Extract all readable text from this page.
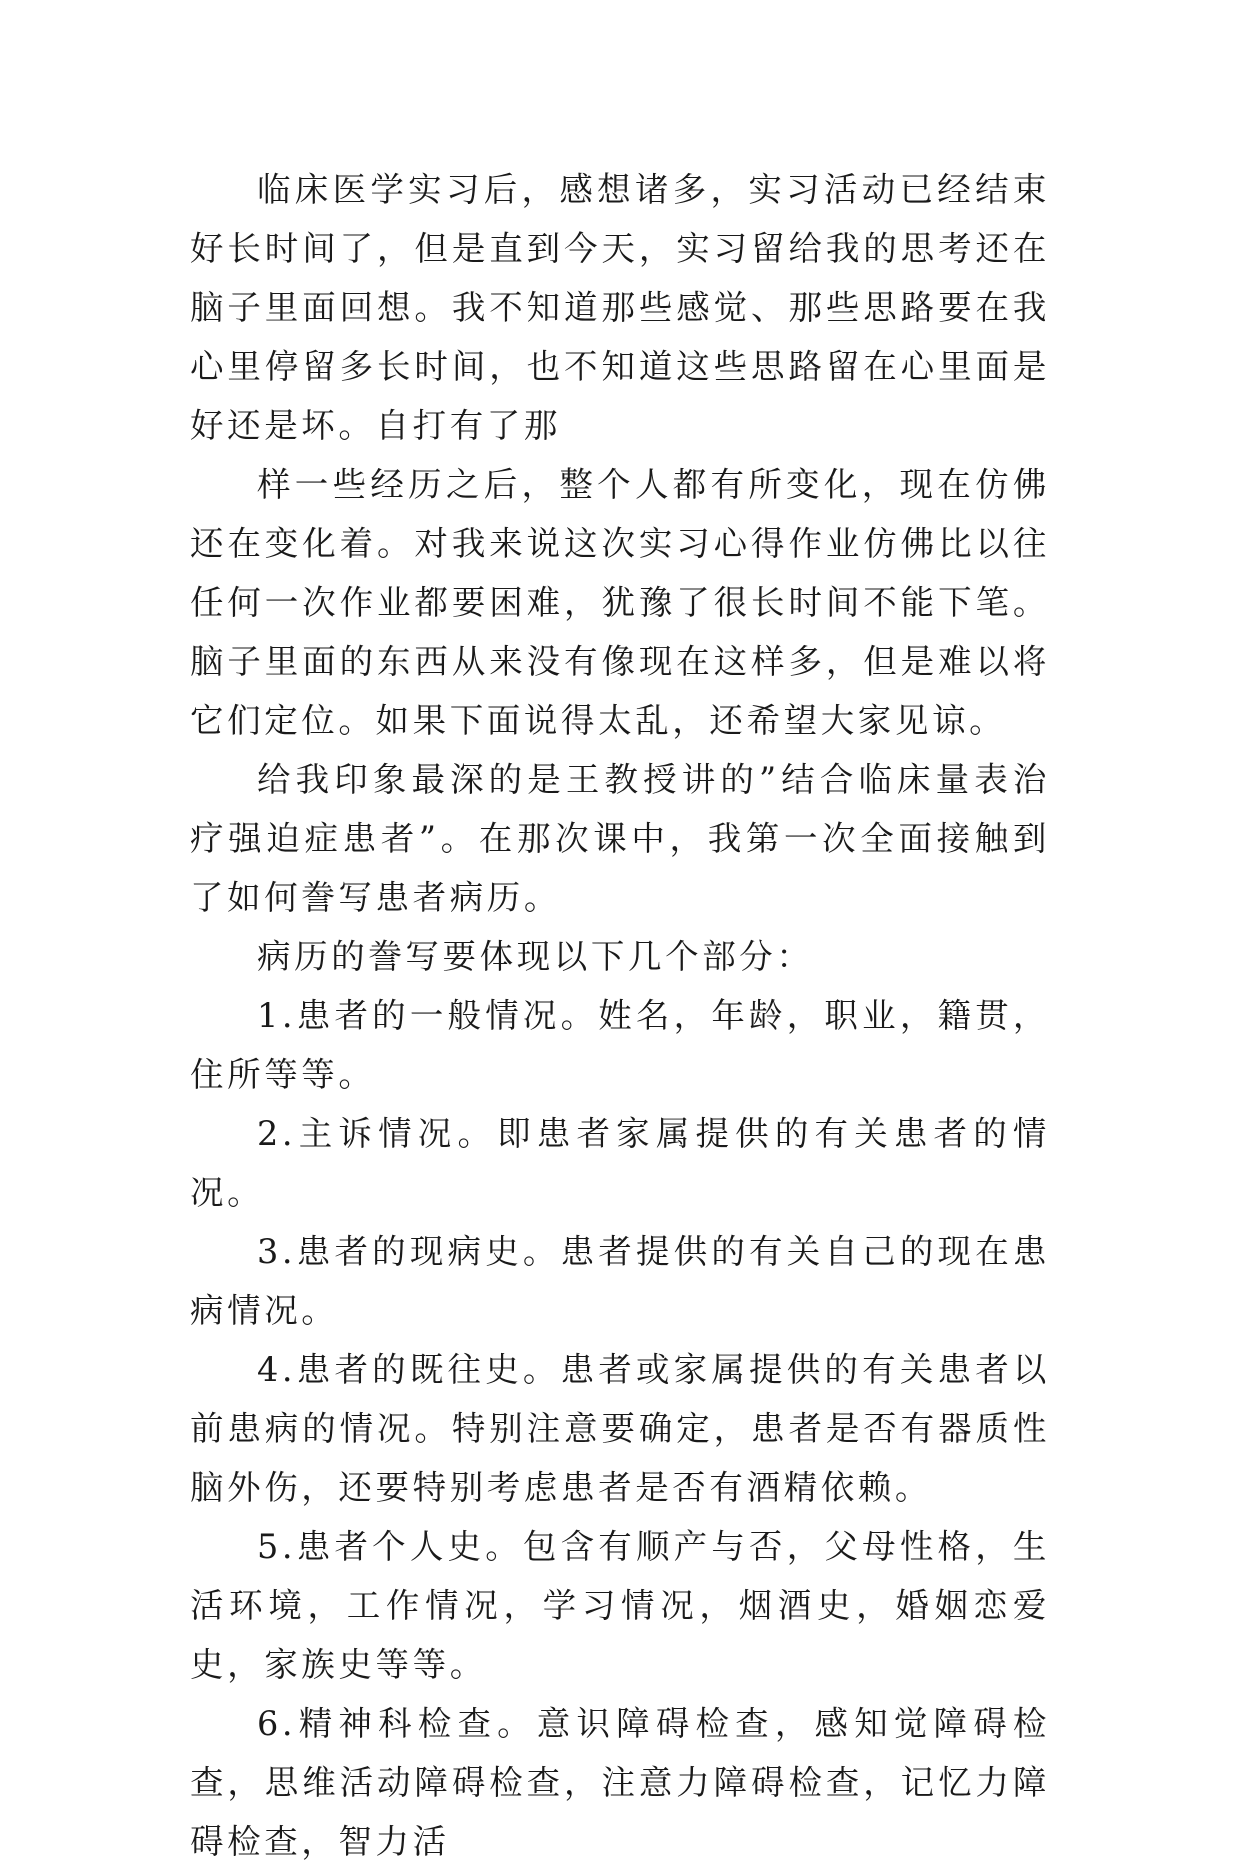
临床医学实习后，感想诸多，实习活动已经结束好长时间了，但是直到今天，实习留给我的思考还在脑子里面回想。我不知道那些感觉、那些思路要在我心里停留多长时间，也不知道这些思路留在心里面是好还是坏。自打有了那

样一些经历之后，整个人都有所变化，现在仿佛还在变化着。对我来说这次实习心得作业仿佛比以往任何一次作业都要困难，犹豫了很长时间不能下笔。脑子里面的东西从来没有像现在这样多，但是难以将它们定位。如果下面说得太乱，还希望大家见谅。

给我印象最深的是王教授讲的”结合临床量表治疗强迫症患者”。在那次课中，我第一次全面接触到了如何誊写患者病历。

病历的誊写要体现以下几个部分：

1.患者的一般情况。姓名，年龄，职业，籍贯，住所等等。

2.主诉情况。即患者家属提供的有关患者的情况。

3.患者的现病史。患者提供的有关自己的现在患病情况。

4.患者的既往史。患者或家属提供的有关患者以前患病的情况。特别注意要确定，患者是否有器质性脑外伤，还要特别考虑患者是否有酒精依赖。

5.患者个人史。包含有顺产与否，父母性格，生活环境，工作情况，学习情况，烟酒史，婚姻恋爱史，家族史等等。

6.精神科检查。意识障碍检查，感知觉障碍检查，思维活动障碍检查，注意力障碍检查，记忆力障碍检查，智力活
